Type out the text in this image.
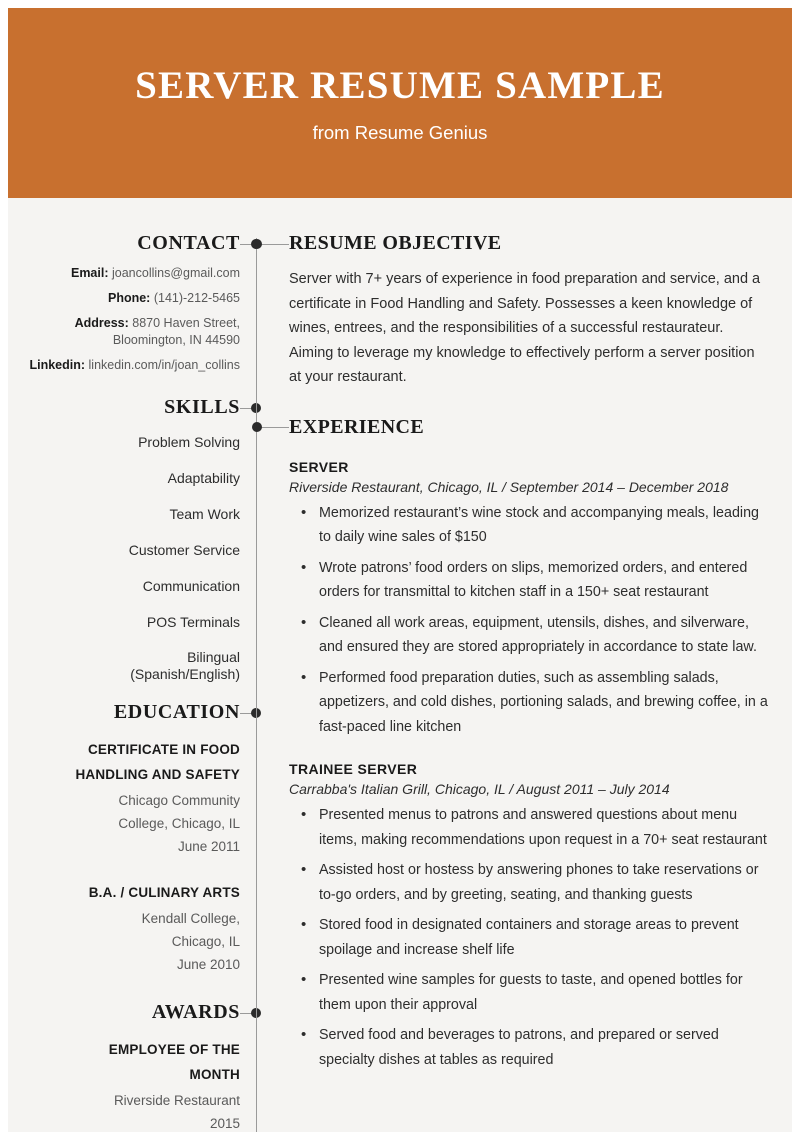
SERVER RESUME SAMPLE
from Resume Genius
CONTACT
Email: joancollins@gmail.com
Phone: (141)-212-5465
Address: 8870 Haven Street,
Bloomington, IN 44590
Linkedin: linkedin.com/in/joan_collins
SKILLS
Problem Solving
Adaptability
Team Work
Customer Service
Communication
POS Terminals
Bilingual
(Spanish/English)
EDUCATION
CERTIFICATE IN FOOD
HANDLING AND SAFETY
Chicago Community
College, Chicago, IL
June 2011
B.A. / CULINARY ARTS
Kendall College,
Chicago, IL
June 2010
AWARDS
EMPLOYEE OF THE
MONTH
Riverside Restaurant
2015
RESUME OBJECTIVE

Server with 7+ years of experience in food preparation and service, and a certificate in Food Handling and Safety. Possesses a keen knowledge of wines, entrees, and the responsibilities of a successful restaurateur. Aiming to leverage my knowledge to effectively perform a server position at your restaurant.

EXPERIENCE
SERVER
Riverside Restaurant, Chicago, IL / September 2014 – December 2018
• Memorized restaurant’s wine stock and accompanying meals, leading to daily wine sales of $150
• Wrote patrons’ food orders on slips, memorized orders, and entered orders for transmittal to kitchen staff in a 150+ seat restaurant
• Cleaned all work areas, equipment, utensils, dishes, and silverware, and ensured they are stored appropriately in accordance to state law.
• Performed food preparation duties, such as assembling salads, appetizers, and cold dishes, portioning salads, and brewing coffee, in a fast-paced line kitchen
TRAINEE SERVER
Carrabba's Italian Grill, Chicago, IL / August 2011 – July 2014
• Presented menus to patrons and answered questions about menu items, making recommendations upon request in a 70+ seat restaurant
• Assisted host or hostess by answering phones to take reservations or to-go orders, and by greeting, seating, and thanking guests
• Stored food in designated containers and storage areas to prevent spoilage and increase shelf life
• Presented wine samples for guests to taste, and opened bottles for them upon their approval
• Served food and beverages to patrons, and prepared or served specialty dishes at tables as required
